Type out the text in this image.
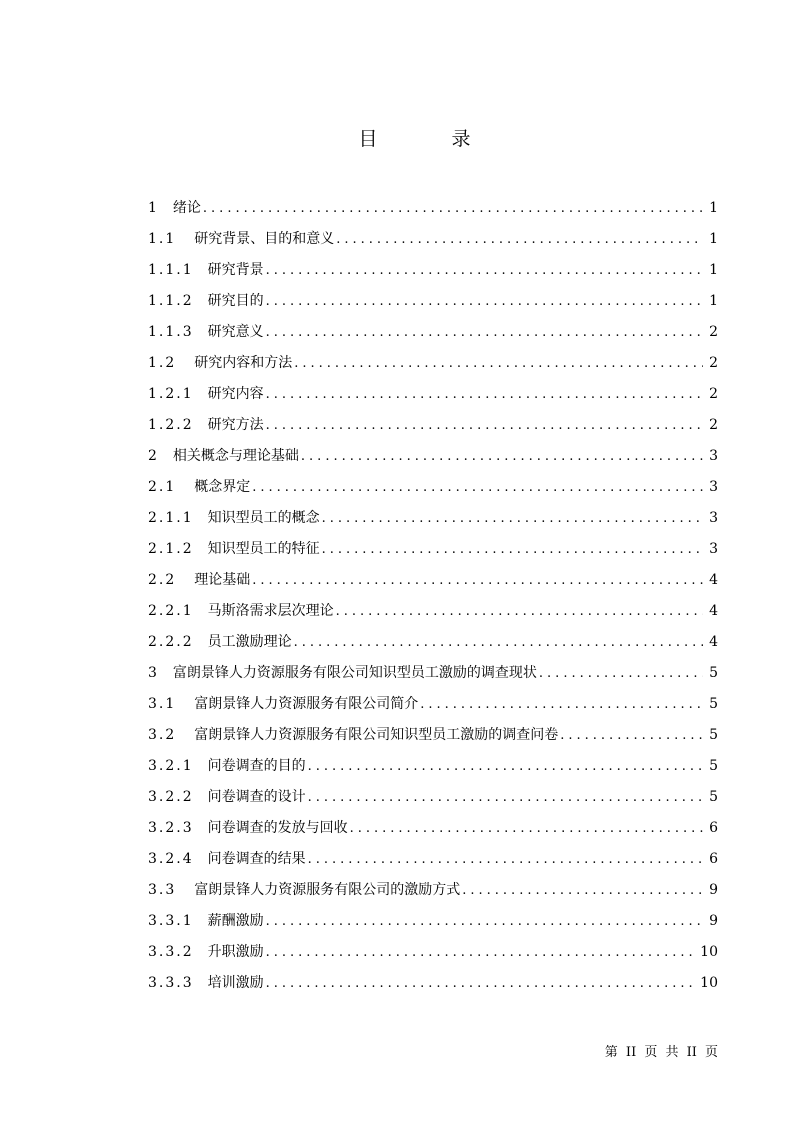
目 录
1 绪论 .....	1
1.1 研究背景、目的和意义 .....	1
1.1.1 研究背景 .....	1
1.1.2 研究目的 .....	1
1.1.3 研究意义 .....	2
1.2 研究内容和方法 .....	2
1.2.1 研究内容 .....	2
1.2.2 研究方法 .....	2
2 相关概念与理论基础 .....	3
2.1 概念界定 .....	3
2.1.1 知识型员工的概念 .....	3
2.1.2 知识型员工的特征 .....	3
2.2 理论基础 .....	4
2.2.1 马斯洛需求层次理论 .....	4
2.2.2 员工激励理论 .....	4
3 富朗景锋人力资源服务有限公司知识型员工激励的调查现状 .....	5
3.1 富朗景锋人力资源服务有限公司简介 .....	5
3.2 富朗景锋人力资源服务有限公司知识型员工激励的调查问卷 .....	5
3.2.1 问卷调查的目的 .....	5
3.2.2 问卷调查的设计 .....	5
3.2.3 问卷调查的发放与回收 .....	6
3.2.4 问卷调查的结果 .....	6
3.3 富朗景锋人力资源服务有限公司的激励方式 .....	9
3.3.1 薪酬激励 .....	9
3.3.2 升职激励 .....	10
3.3.3 培训激励 .....	10
第 II 页 共 II 页
